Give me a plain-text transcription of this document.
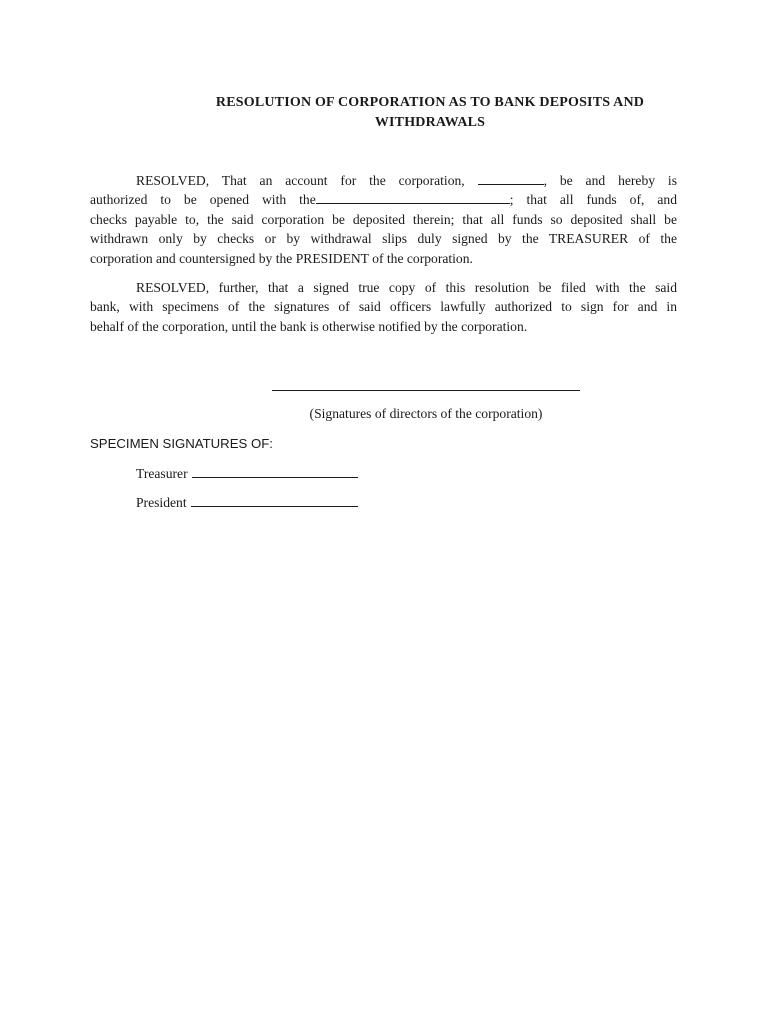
RESOLUTION OF CORPORATION AS TO BANK DEPOSITS AND
WITHDRAWALS
RESOLVED, That an account for the corporation,	, be and hereby is
authorized to be opened with the	; that all funds of, and
checks payable to, the said corporation be deposited therein; that all funds so deposited shall be
withdrawn only by checks or by withdrawal slips duly signed by the TREASURER of the
corporation and countersigned by the PRESIDENT of the corporation.
RESOLVED, further, that a signed true copy of this resolution be filed with the said
bank, with specimens of the signatures of said officers lawfully authorized to sign for and in
behalf of the corporation, until the bank is otherwise notified by the corporation.
(Signatures of directors of the corporation)
SPECIMEN SIGNATURES OF:
Treasurer
President
